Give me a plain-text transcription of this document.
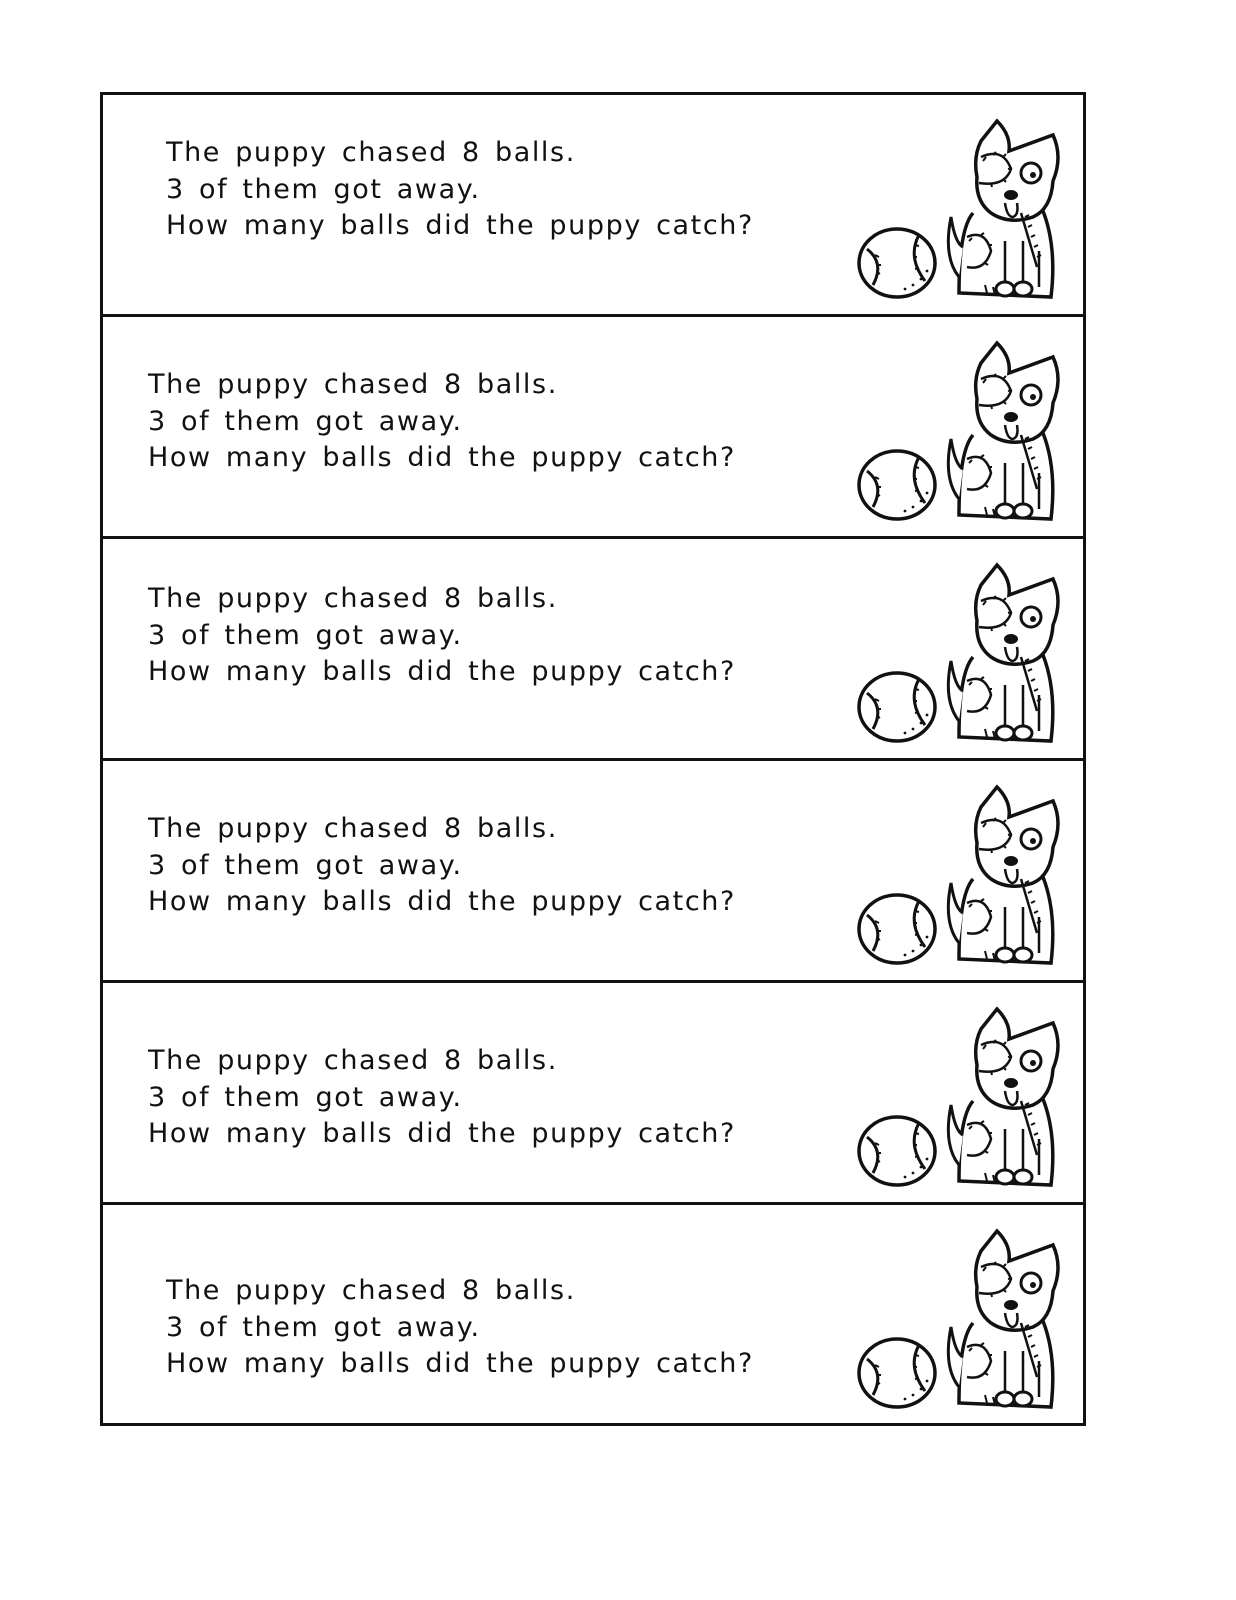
The puppy chased 8 balls.
3 of them got away.
How many balls did the puppy catch?
The puppy chased 8 balls.
3 of them got away.
How many balls did the puppy catch?
The puppy chased 8 balls.
3 of them got away.
How many balls did the puppy catch?
The puppy chased 8 balls.
3 of them got away.
How many balls did the puppy catch?
The puppy chased 8 balls.
3 of them got away.
How many balls did the puppy catch?
The puppy chased 8 balls.
3 of them got away.
How many balls did the puppy catch?
